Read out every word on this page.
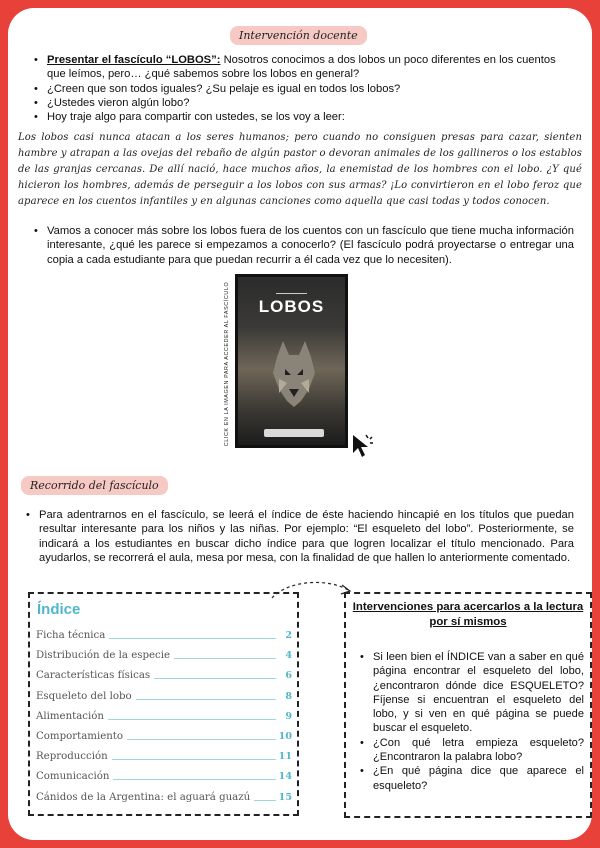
Intervención docente
• Presentar el fascículo “LOBOS”: Nosotros conocimos a dos lobos un poco diferentes en los cuentos que leímos, pero… ¿qué sabemos sobre los lobos en general?
• ¿Creen que son todos iguales? ¿Su pelaje es igual en todos los lobos?
• ¿Ustedes vieron algún lobo?
• Hoy traje algo para compartir con ustedes, se los voy a leer:
Los lobos casi nunca atacan a los seres humanos; pero cuando no consiguen presas para cazar, sienten hambre y atrapan a las ovejas del rebaño de algún pastor o devoran animales de los gallineros o los establos de las granjas cercanas. De allí nació, hace muchos años, la enemistad de los hombres con el lobo. ¿Y qué hicieron los hombres, además de perseguir a los lobos con sus armas? ¡Lo convirtieron en el lobo feroz que aparece en los cuentos infantiles y en algunas canciones como aquella que casi todas y todos conocen.
• Vamos a conocer más sobre los lobos fuera de los cuentos con un fascículo que tiene mucha información interesante, ¿qué les parece si empezamos a conocerlo? (El fascículo podrá proyectarse o entregar una copia a cada estudiante para que puedan recurrir a él cada vez que lo necesiten).
CLICK EN LA IMAGEN PARA ACCEDER AL FASCÍCULO	LOBOS
Recorrido del fascículo
• Para adentrarnos en el fascículo, se leerá el índice de éste haciendo hincapié en los títulos que puedan resultar interesante para los niños y las niñas. Por ejemplo: “El esqueleto del lobo”. Posteriormente, se indicará a los estudiantes en buscar dicho índice para que logren localizar el título mencionado. Para ayudarlos, se recorrerá el aula, mesa por mesa, con la finalidad de que hallen lo anteriormente comentado.
Índice
Ficha técnica	2
Distribución de la especie	4
Características físicas	6
Esqueleto del lobo	8
Alimentación	9
Comportamiento	10
Reproducción	11
Comunicación	14
Cánidos de la Argentina: el aguará guazú	15
Intervenciones para acercarlos a la lectura por sí mismos
• Si leen bien el ÍNDICE van a saber en qué página encontrar el esqueleto del lobo, ¿encontraron dónde dice ESQUELETO? Fíjense si encuentran el esqueleto del lobo, y si ven en qué página se puede buscar el esqueleto.
• ¿Con qué letra empieza esqueleto? ¿Encontraron la palabra lobo?
• ¿En qué página dice que aparece el esqueleto?
